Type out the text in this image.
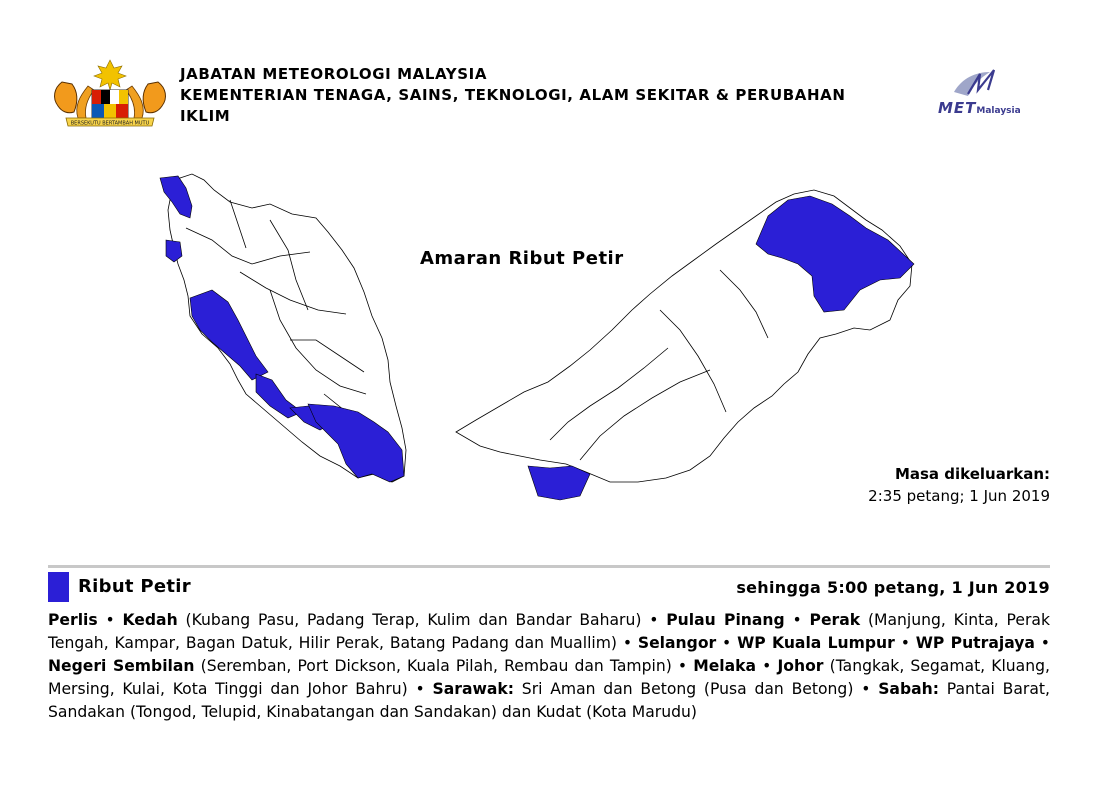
BERSEKUTU BERTAMBAH MUTU
JABATAN METEOROLOGI MALAYSIA
KEMENTERIAN TENAGA, SAINS, TEKNOLOGI, ALAM SEKITAR & PERUBAHAN
IKLIM	METMalaysia
Amaran Ribut Petir
Masa dikeluarkan:
2:35 petang; 1 Jun 2019
Ribut Petir	sehingga 5:00 petang, 1 Jun 2019
Perlis • Kedah (Kubang Pasu, Padang Terap, Kulim dan Bandar Baharu) • Pulau Pinang • Perak (Manjung, Kinta, Perak Tengah, Kampar, Bagan Datuk, Hilir Perak, Batang Padang dan Muallim) • Selangor • WP Kuala Lumpur • WP Putrajaya • Negeri Sembilan (Seremban, Port Dickson, Kuala Pilah, Rembau dan Tampin) • Melaka • Johor (Tangkak, Segamat, Kluang, Mersing, Kulai, Kota Tinggi dan Johor Bahru) • Sarawak: Sri Aman dan Betong (Pusa dan Betong) • Sabah: Pantai Barat, Sandakan (Tongod, Telupid, Kinabatangan dan Sandakan) dan Kudat (Kota Marudu)
